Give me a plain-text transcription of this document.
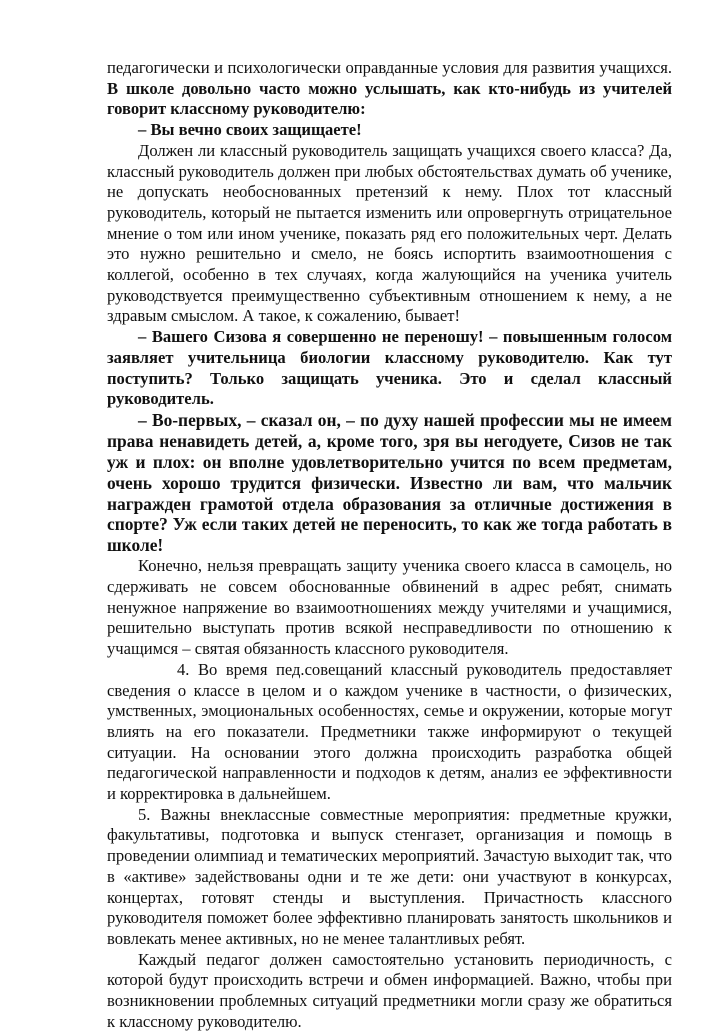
педагогически и психологически оправданные условия для развития учащихся. В школе довольно часто можно услышать, как кто-нибудь из учителей говорит классному руководителю:

– Вы вечно своих защищаете!

Должен ли классный руководитель защищать учащихся своего класса? Да, классный руководитель должен при любых обстоятельствах думать об ученике, не допускать необоснованных претензий к нему. Плох тот классный руководитель, который не пытается изменить или опровергнуть отрицательное мнение о том или ином ученике, показать ряд его положительных черт. Делать это нужно решительно и смело, не боясь испортить взаимоотношения с коллегой, особенно в тех случаях, когда жалующийся на ученика учитель руководствуется преимущественно субъективным отношением к нему, а не здравым смыслом. А такое, к сожалению, бывает!

– Вашего Сизова я совершенно не переношу! – повышенным голосом заявляет учительница биологии классному руководителю. Как тут поступить? Только защищать ученика. Это и сделал классный руководитель.

– Во-первых, – сказал он, – по духу нашей профессии мы не имеем права ненавидеть детей, а, кроме того, зря вы негодуете, Сизов не так уж и плох: он вполне удовлетворительно учится по всем предметам, очень хорошо трудится физически. Известно ли вам, что мальчик награжден грамотой отдела образования за отличные достижения в спорте? Уж если таких детей не переносить, то как же тогда работать в школе!

Конечно, нельзя превращать защиту ученика своего класса в самоцель, но сдерживать не совсем обоснованные обвинений в адрес ребят, снимать ненужное напряжение во взаимоотношениях между учителями и учащимися, решительно выступать против всякой несправедливости по отношению к учащимся – святая обязанность классного руководителя.

4. Во время пед.совещаний классный руководитель предоставляет сведения о классе в целом и о каждом ученике в частности, о физических, умственных, эмоциональных особенностях, семье и окружении, которые могут влиять на его показатели. Предметники также информируют о текущей ситуации. На основании этого должна происходить разработка общей педагогической направленности и подходов к детям, анализ ее эффективности и корректировка в дальнейшем.

5. Важны внеклассные совместные мероприятия: предметные кружки, факультативы, подготовка и выпуск стенгазет, организация и помощь в проведении олимпиад и тематических мероприятий. Зачастую выходит так, что в «активе» задействованы одни и те же дети: они участвуют в конкурсах, концертах, готовят стенды и выступления. Причастность классного руководителя поможет более эффективно планировать занятость школьников и вовлекать менее активных, но не менее талантливых ребят.

Каждый педагог должен самостоятельно установить периодичность, с которой будут происходить встречи и обмен информацией. Важно, чтобы при возникновении проблемных ситуаций предметники могли сразу же обратиться к классному руководителю.
